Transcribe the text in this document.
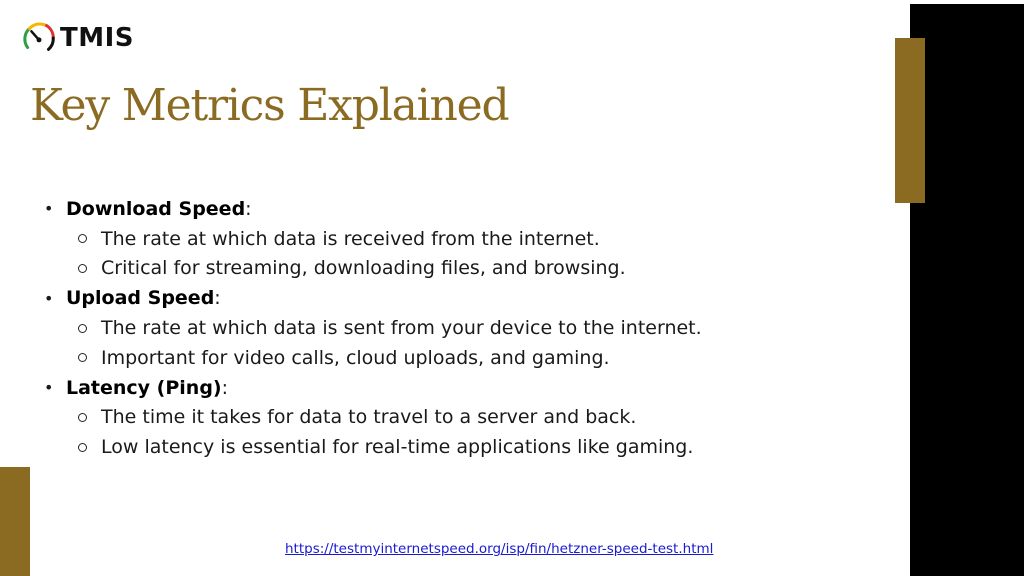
TMIS
Key Metrics Explained
• Download Speed :
The rate at which data is received from the internet.
Critical for streaming, downloading files, and browsing.
• Upload Speed :
The rate at which data is sent from your device to the internet.
Important for video calls, cloud uploads, and gaming.
• Latency (Ping) :
The time it takes for data to travel to a server and back.
Low latency is essential for real-time applications like gaming.
https://testmyinternetspeed.org/isp/fin/hetzner-speed-test.html
